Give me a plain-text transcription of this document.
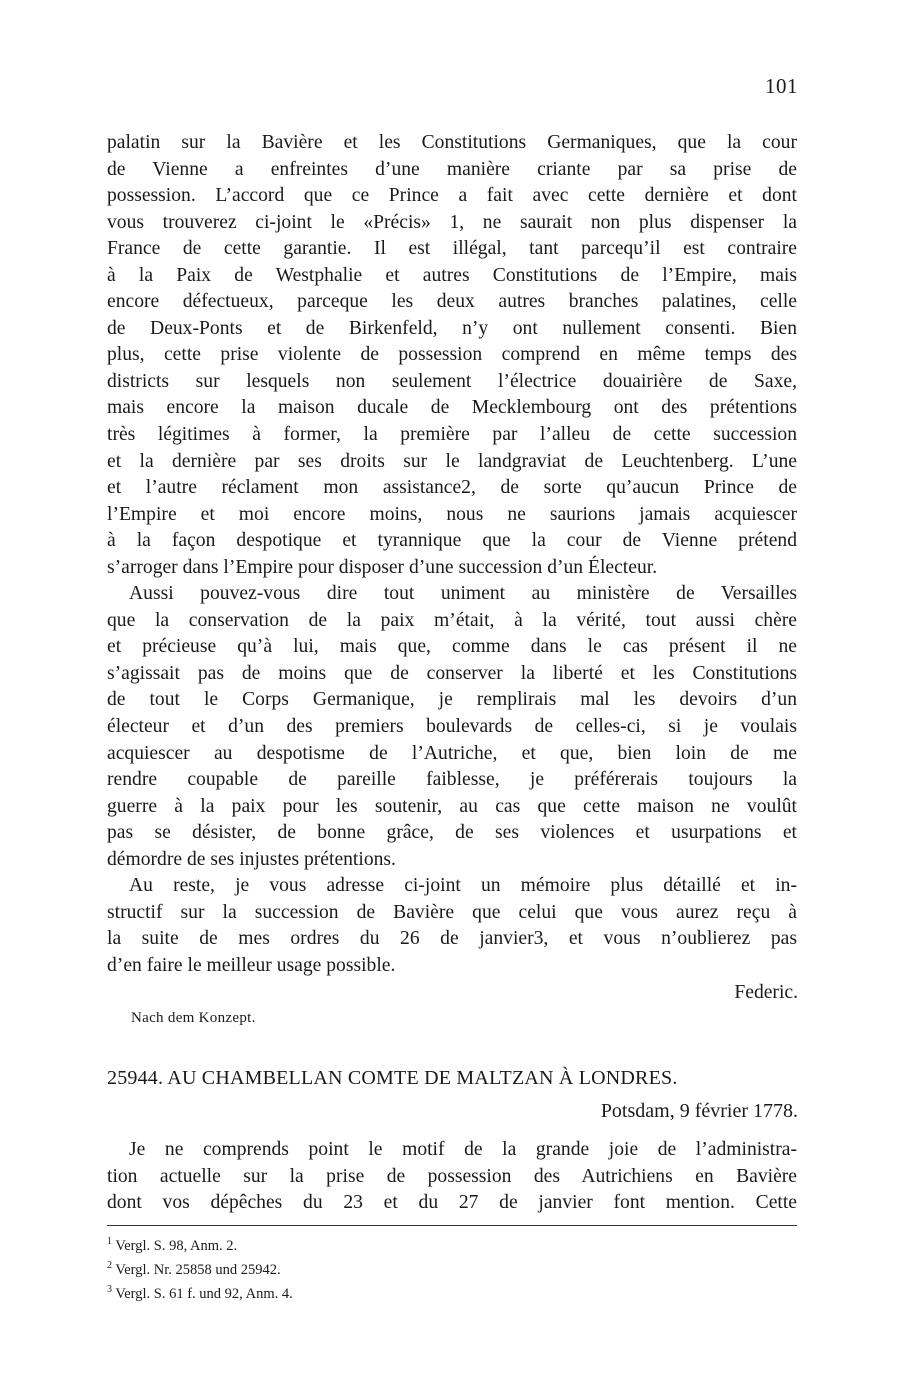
101
palatin sur la Bavière et les Constitutions Germaniques, que la cour
de Vienne a enfreintes d’une manière criante par sa prise de
possession. L’accord que ce Prince a fait avec cette dernière et dont
vous trouverez ci-joint le «Précis» 1, ne saurait non plus dispenser la
France de cette garantie. Il est illégal, tant parcequ’il est contraire
à la Paix de Westphalie et autres Constitutions de l’Empire, mais
encore défectueux, parceque les deux autres branches palatines, celle
de Deux-Ponts et de Birkenfeld, n’y ont nullement consenti. Bien
plus, cette prise violente de possession comprend en même temps des
districts sur lesquels non seulement l’électrice douairière de Saxe,
mais encore la maison ducale de Mecklembourg ont des prétentions
très légitimes à former, la première par l’alleu de cette succession
et la dernière par ses droits sur le landgraviat de Leuchtenberg. L’une
et l’autre réclament mon assistance2, de sorte qu’aucun Prince de
l’Empire et moi encore moins, nous ne saurions jamais acquiescer
à la façon despotique et tyrannique que la cour de Vienne prétend
s’arroger dans l’Empire pour disposer d’une succession d’un Électeur.
Aussi pouvez-vous dire tout uniment au ministère de Versailles
que la conservation de la paix m’était, à la vérité, tout aussi chère
et précieuse qu’à lui, mais que, comme dans le cas présent il ne
s’agissait pas de moins que de conserver la liberté et les Constitutions
de tout le Corps Germanique, je remplirais mal les devoirs d’un
électeur et d’un des premiers boulevards de celles-ci, si je voulais
acquiescer au despotisme de l’Autriche, et que, bien loin de me
rendre coupable de pareille faiblesse, je préférerais toujours la
guerre à la paix pour les soutenir, au cas que cette maison ne voulût
pas se désister, de bonne grâce, de ses violences et usurpations et
démordre de ses injustes prétentions.
Au reste, je vous adresse ci-joint un mémoire plus détaillé et in-
structif sur la succession de Bavière que celui que vous aurez reçu à
la suite de mes ordres du 26 de janvier3, et vous n’oublierez pas
d’en faire le meilleur usage possible.
Federic.
Nach dem Konzept.
25944. AU CHAMBELLAN COMTE DE MALTZAN À LONDRES.
Potsdam, 9 février 1778.
Je ne comprends point le motif de la grande joie de l’administra-
tion actuelle sur la prise de possession des Autrichiens en Bavière
dont vos dépêches du 23 et du 27 de janvier font mention. Cette
$^1$ Vergl. S. 98, Anm. 2.
$^2$ Vergl. Nr. 25858 und 25942.
$^3$ Vergl. S. 61 f. und 92, Anm. 4.
